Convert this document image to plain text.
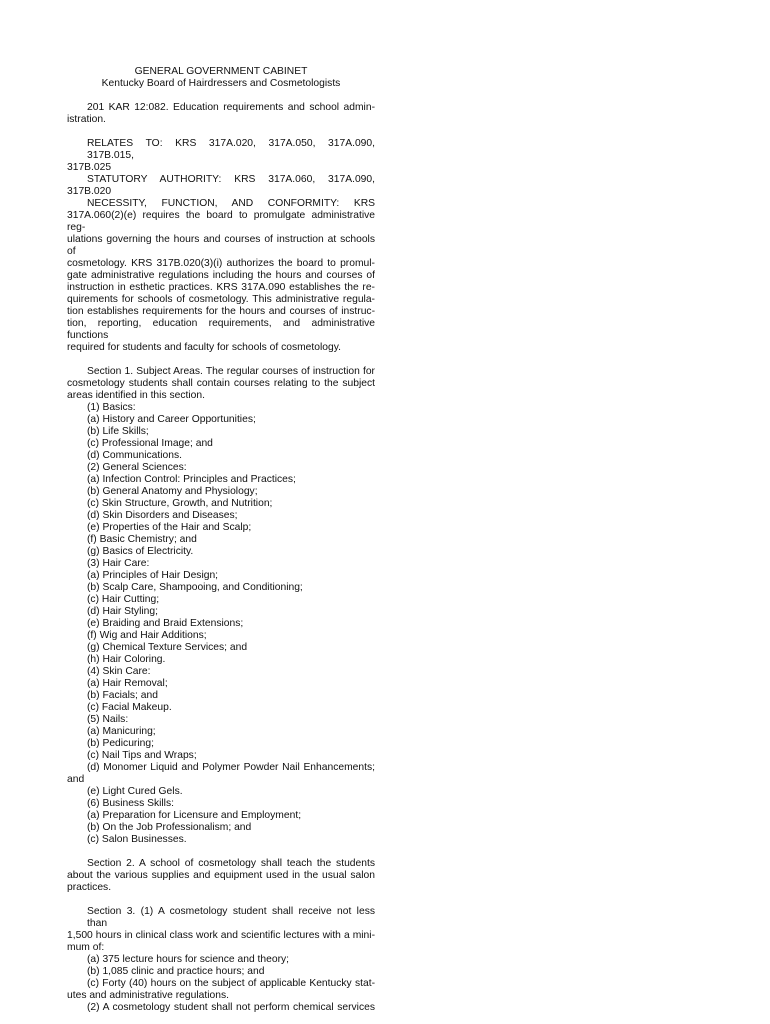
GENERAL GOVERNMENT CABINET
Kentucky Board of Hairdressers and Cosmetologists
201 KAR 12:082. Education requirements and school admin-
istration.
RELATES TO: KRS 317A.020, 317A.050, 317A.090, 317B.015,
317B.025
STATUTORY AUTHORITY: KRS 317A.060, 317A.090,
317B.020
NECESSITY, FUNCTION, AND CONFORMITY: KRS
317A.060(2)(e) requires the board to promulgate administrative reg-
ulations governing the hours and courses of instruction at schools of
cosmetology. KRS 317B.020(3)(i) authorizes the board to promul-
gate administrative regulations including the hours and courses of
instruction in esthetic practices. KRS 317A.090 establishes the re-
quirements for schools of cosmetology. This administrative regula-
tion establishes requirements for the hours and courses of instruc-
tion, reporting, education requirements, and administrative functions
required for students and faculty for schools of cosmetology.
Section 1. Subject Areas. The regular courses of instruction for
cosmetology students shall contain courses relating to the subject
areas identified in this section.
(1) Basics:
(a) History and Career Opportunities;
(b) Life Skills;
(c) Professional Image; and
(d) Communications.
(2) General Sciences:
(a) Infection Control: Principles and Practices;
(b) General Anatomy and Physiology;
(c) Skin Structure, Growth, and Nutrition;
(d) Skin Disorders and Diseases;
(e) Properties of the Hair and Scalp;
(f) Basic Chemistry; and
(g) Basics of Electricity.
(3) Hair Care:
(a) Principles of Hair Design;
(b) Scalp Care, Shampooing, and Conditioning;
(c) Hair Cutting;
(d) Hair Styling;
(e) Braiding and Braid Extensions;
(f) Wig and Hair Additions;
(g) Chemical Texture Services; and
(h) Hair Coloring.
(4) Skin Care:
(a) Hair Removal;
(b) Facials; and
(c) Facial Makeup.
(5) Nails:
(a) Manicuring;
(b) Pedicuring;
(c) Nail Tips and Wraps;
(d) Monomer Liquid and Polymer Powder Nail Enhancements;
and
(e) Light Cured Gels.
(6) Business Skills:
(a) Preparation for Licensure and Employment;
(b) On the Job Professionalism; and
(c) Salon Businesses.
Section 2. A school of cosmetology shall teach the students
about the various supplies and equipment used in the usual salon
practices.
Section 3. (1) A cosmetology student shall receive not less than
1,500 hours in clinical class work and scientific lectures with a mini-
mum of:
(a) 375 lecture hours for science and theory;
(b) 1,085 clinic and practice hours; and
(c) Forty (40) hours on the subject of applicable Kentucky stat-
utes and administrative regulations.
(2) A cosmetology student shall not perform chemical services
